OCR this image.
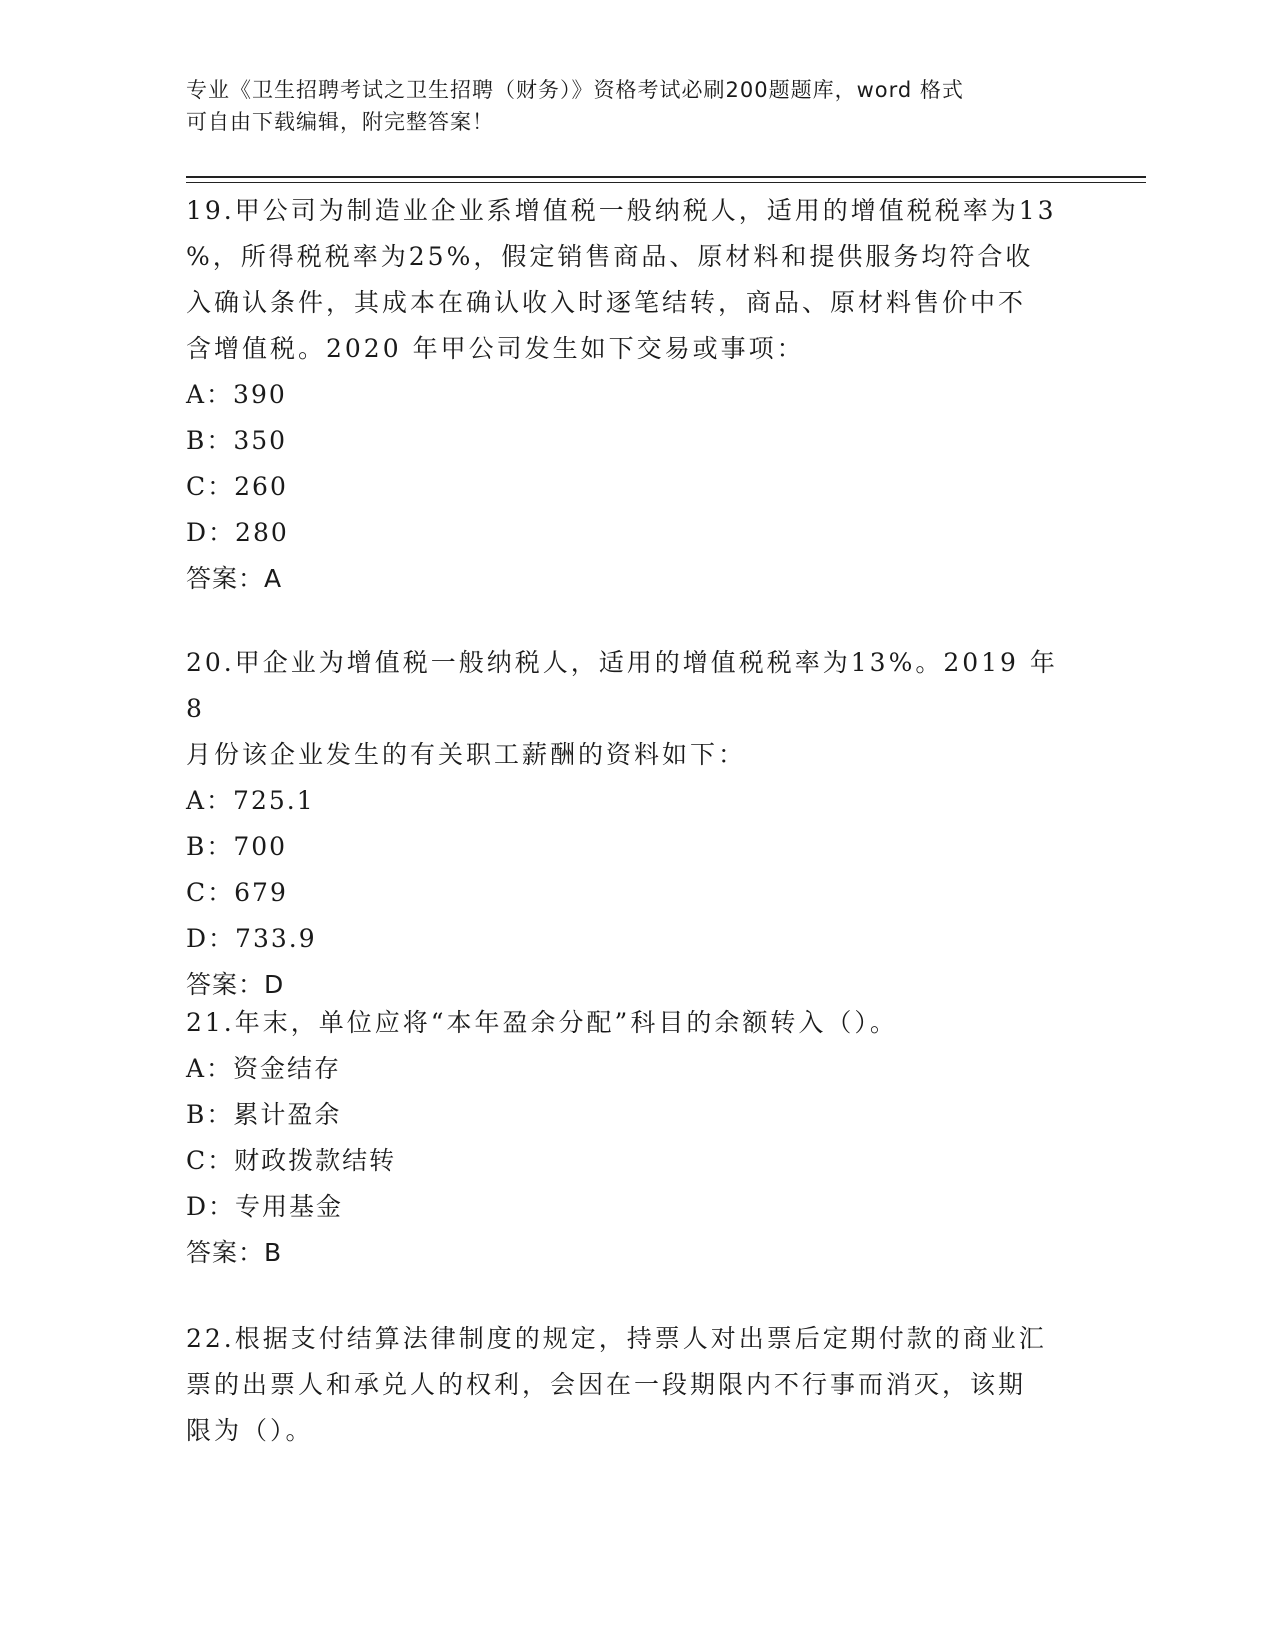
专业《卫生招聘考试之卫生招聘（财务）》资格考试必刷200题题库，word 格式
可自由下载编辑，附完整答案！
19.甲公司为制造业企业系增值税一般纳税人，适用的增值税税率为13
%，所得税税率为25%，假定销售商品、原材料和提供服务均符合收
入确认条件，其成本在确认收入时逐笔结转，商品、原材料售价中不
含增值税。2020 年甲公司发生如下交易或事项：
A：390
B：350
C：260
D：280
答案：A
20.甲企业为增值税一般纳税人，适用的增值税税率为13%。2019 年 8
月份该企业发生的有关职工薪酬的资料如下：
A：725.1
B：700
C：679
D：733.9
答案：D
21.年末，单位应将“本年盈余分配”科目的余额转入（）。
A：资金结存
B：累计盈余
C：财政拨款结转
D：专用基金
答案：B
22.根据支付结算法律制度的规定，持票人对出票后定期付款的商业汇
票的出票人和承兑人的权利，会因在一段期限内不行事而消灭，该期
限为（）。
